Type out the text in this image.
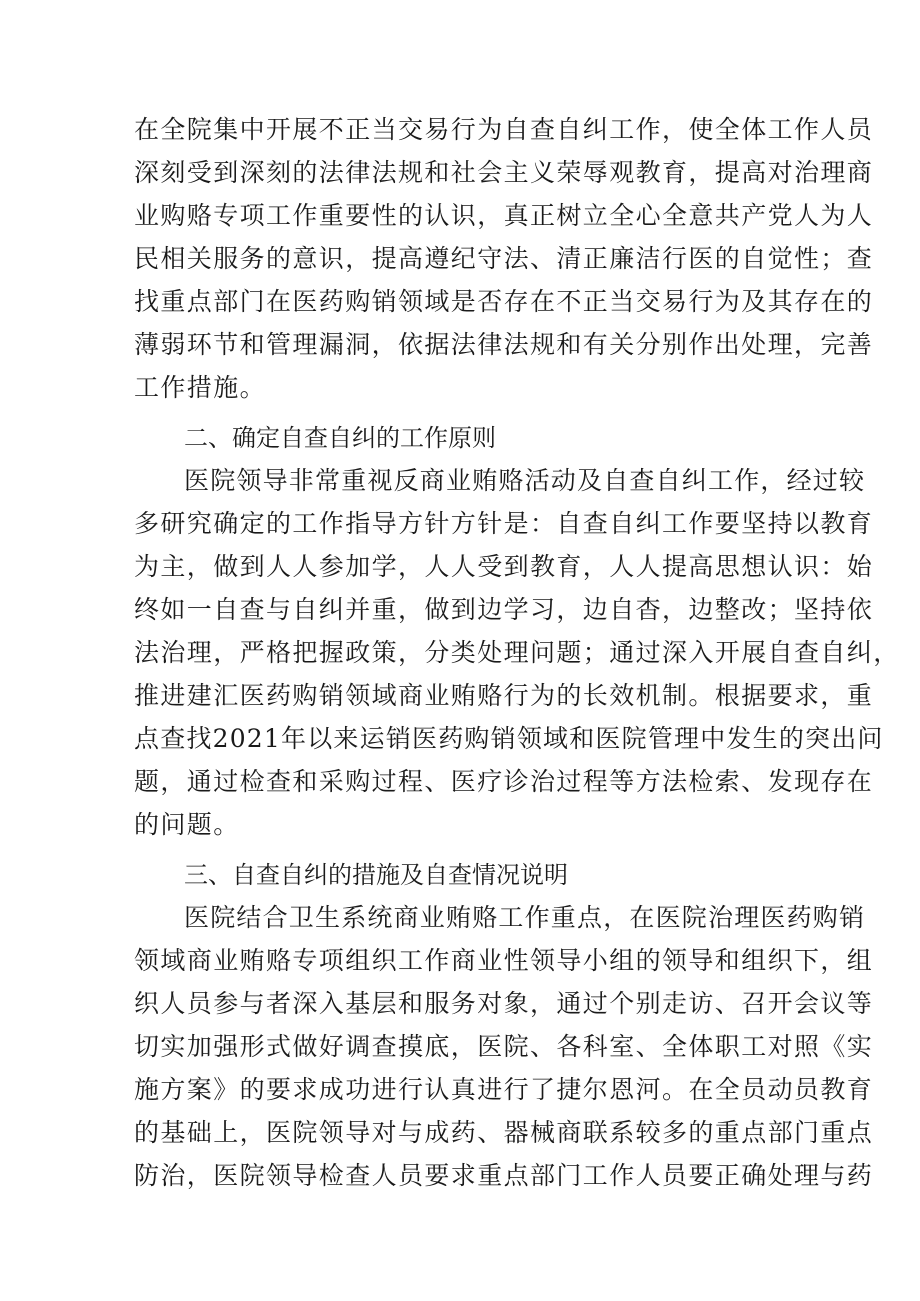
在全院集中开展不正当交易行为自查自纠工作，使全体工作人员
深刻受到深刻的法律法规和社会主义荣辱观教育，提高对治理商
业购赂专项工作重要性的认识，真正树立全心全意共产党人为人
民相关服务的意识，提高遵纪守法、清正廉洁行医的自觉性；查
找重点部门在医药购销领域是否存在不正当交易行为及其存在的
薄弱环节和管理漏洞，依据法律法规和有关分别作出处理，完善
工作措施。
二、确定自查自纠的工作原则
医院领导非常重视反商业贿赂活动及自查自纠工作，经过较
多研究确定的工作指导方针方针是：自查自纠工作要坚持以教育
为主，做到人人参加学，人人受到教育，人人提高思想认识：始
终如一自查与自纠并重，做到边学习，边自杳，边整改；坚持依
法治理，严格把握政策，分类处理问题；通过深入开展自查自纠，
推进建汇医药购销领域商业贿赂行为的长效机制。根据要求，重
点查找2021年以来运销医药购销领域和医院管理中发生的突出问
题，通过检查和采购过程、医疗诊治过程等方法检索、发现存在
的问题。
三、自查自纠的措施及自查情况说明
医院结合卫生系统商业贿赂工作重点，在医院治理医药购销
领域商业贿赂专项组织工作商业性领导小组的领导和组织下，组
织人员参与者深入基层和服务对象，通过个别走访、召开会议等
切实加强形式做好调查摸底，医院、各科室、全体职工对照《实
施方案》的要求成功进行认真进行了捷尔恩河。在全员动员教育
的基础上，医院领导对与成药、器械商联系较多的重点部门重点
防治，医院领导检查人员要求重点部门工作人员要正确处理与药
